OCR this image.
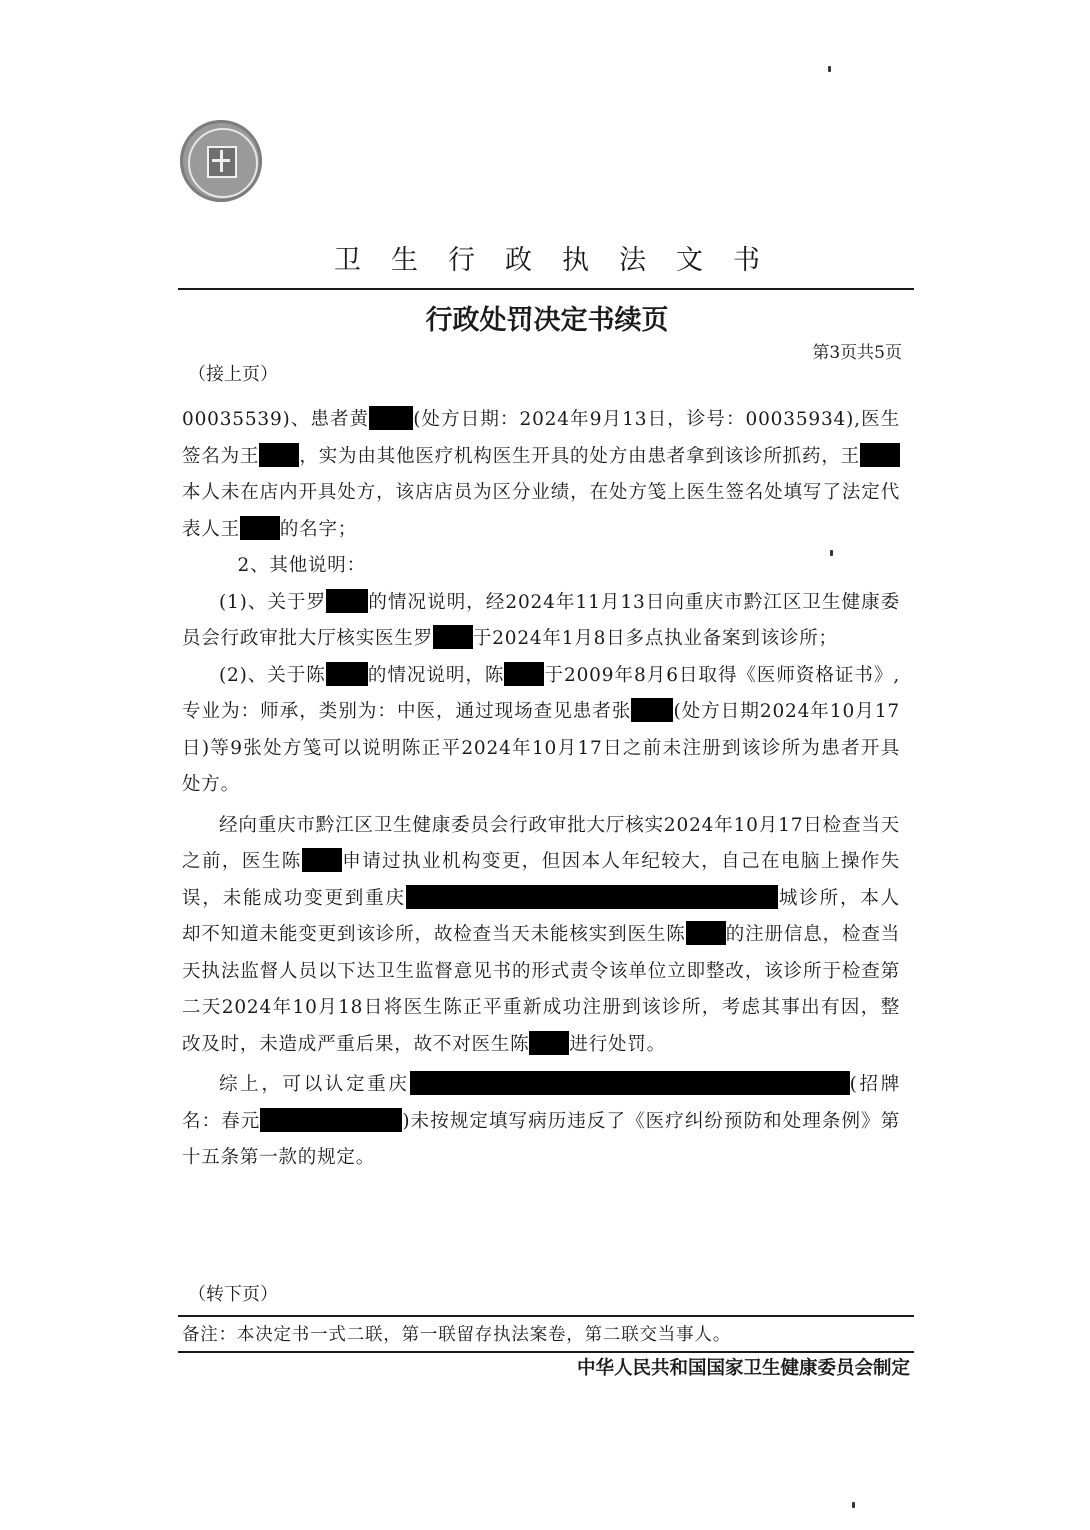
卫生行政执法文书
行政处罚决定书续页
第3页共5页
（接上页）

00035539)、患者黄 (处方日期：2024年9月13日，诊号：00035934),医生签名为王 ，实为由其他医疗机构医生开具的处方由患者拿到该诊所抓药，王本人未在店内开具处方，该店店员为区分业绩，在处方笺上医生签名处填写了法定代表人王 的名字；

2、其他说明：

(1)、关于罗 的情况说明，经2024年11月13日向重庆市黔江区卫生健康委员会行政审批大厅核实医生罗 于2024年1月8日多点执业备案到该诊所；

(2)、关于陈 的情况说明，陈 于2009年8月6日取得《医师资格证书》,专业为：师承，类别为：中医，通过现场查见患者张 (处方日期2024年10月17日)等9张处方笺可以说明陈正平2024年10月17日之前未注册到该诊所为患者开具处方。

经向重庆市黔江区卫生健康委员会行政审批大厅核实2024年10月17日检查当天之前，医生陈 申请过执业机构变更，但因本人年纪较大，自己在电脑上操作失误，未能成功变更到重庆	城诊所，本人却不知道未能变更到该诊所，故检查当天未能核实到医生陈 的注册信息，检查当天执法监督人员以下达卫生监督意见书的形式责令该单位立即整改，该诊所于检查第二天2024年10月18日将医生陈正平重新成功注册到该诊所，考虑其事出有因，整改及时，未造成严重后果，故不对医生陈 进行处罚。

综上，可以认定重庆	(招牌名：春元	)未按规定填写病历违反了《医疗纠纷预防和处理条例》第十五条第一款的规定。

（转下页）
备注：本决定书一式二联，第一联留存执法案卷，第二联交当事人。
中华人民共和国国家卫生健康委员会制定
